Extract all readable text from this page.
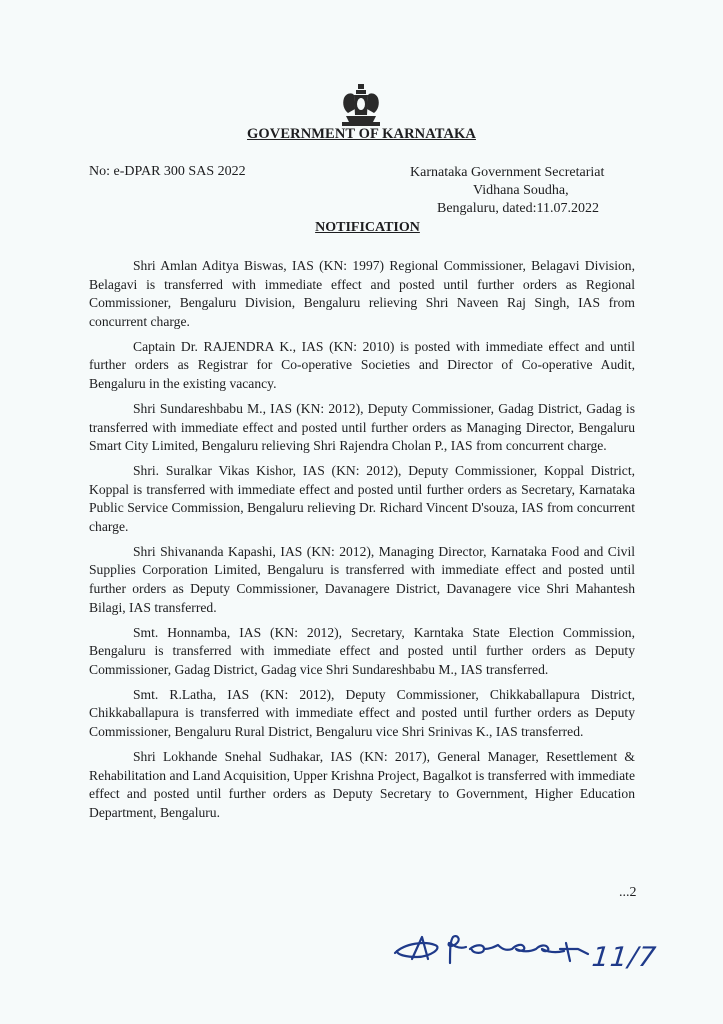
GOVERNMENT OF KARNATAKA
No: e-DPAR 300 SAS 2022	Karnataka Government Secretariat
Vidhana Soudha,
Bengaluru, dated:11.07.2022
NOTIFICATION

Shri Amlan Aditya Biswas, IAS (KN: 1997) Regional Commissioner, Belagavi Division, Belagavi is transferred with immediate effect and posted until further orders as Regional Commissioner, Bengaluru Division, Bengaluru relieving Shri Naveen Raj Singh, IAS from concurrent charge.

Captain Dr. RAJENDRA K., IAS (KN: 2010) is posted with immediate effect and until further orders as Registrar for Co-operative Societies and Director of Co-operative Audit, Bengaluru in the existing vacancy.

Shri Sundareshbabu M., IAS (KN: 2012), Deputy Commissioner, Gadag District, Gadag is transferred with immediate effect and posted until further orders as Managing Director, Bengaluru Smart City Limited, Bengaluru relieving Shri Rajendra Cholan P., IAS from concurrent charge.

Shri. Suralkar Vikas Kishor, IAS (KN: 2012), Deputy Commissioner, Koppal District, Koppal is transferred with immediate effect and posted until further orders as Secretary, Karnataka Public Service Commission, Bengaluru relieving Dr. Richard Vincent D'souza, IAS from concurrent charge.

Shri Shivananda Kapashi, IAS (KN: 2012), Managing Director, Karnataka Food and Civil Supplies Corporation Limited, Bengaluru is transferred with immediate effect and posted until further orders as Deputy Commissioner, Davanagere District, Davanagere vice Shri Mahantesh Bilagi, IAS transferred.

Smt. Honnamba, IAS (KN: 2012), Secretary, Karntaka State Election Commission, Bengaluru is transferred with immediate effect and posted until further orders as Deputy Commissioner, Gadag District, Gadag vice Shri Sundareshbabu M., IAS transferred.

Smt. R.Latha, IAS (KN: 2012), Deputy Commissioner, Chikkaballapura District, Chikkaballapura is transferred with immediate effect and posted until further orders as Deputy Commissioner, Bengaluru Rural District, Bengaluru vice Shri Srinivas K., IAS transferred.

Shri Lokhande Snehal Sudhakar, IAS (KN: 2017), General Manager, Resettlement & Rehabilitation and Land Acquisition, Upper Krishna Project, Bagalkot is transferred with immediate effect and posted until further orders as Deputy Secretary to Government, Higher Education Department, Bengaluru.

...2
11/7
